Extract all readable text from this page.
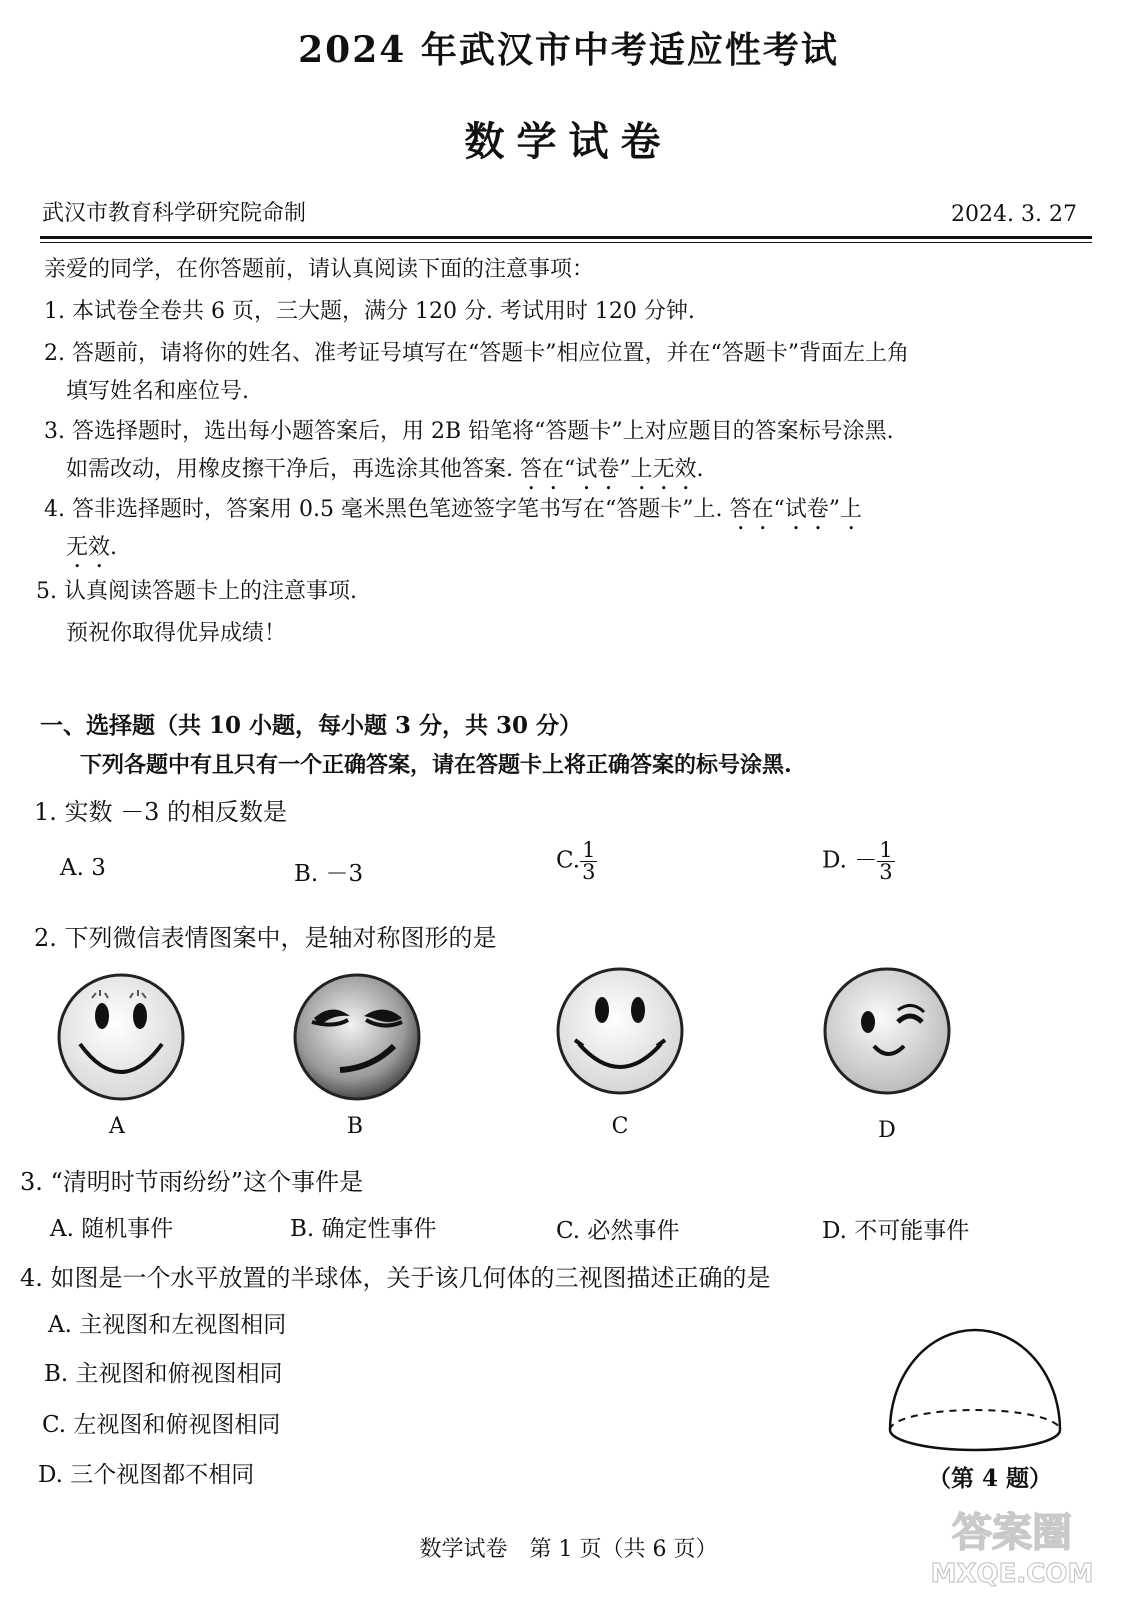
2024 年武汉市中考适应性考试
数学试卷
武汉市教育科学研究院命制	2024. 3. 27
亲爱的同学，在你答题前，请认真阅读下面的注意事项：
1. 本试卷全卷共 6 页，三大题，满分 120 分. 考试用时 120 分钟.
2. 答题前，请将你的姓名、准考证号填写在“答题卡”相应位置，并在“答题卡”背面左上角
填写姓名和座位号.
3. 答选择题时，选出每小题答案后，用 2B 铅笔将“答题卡”上对应题目的答案标号涂黑.
如需改动，用橡皮擦干净后，再选涂其他答案. 答在“试卷”上无效.
4. 答非选择题时，答案用 0.5 毫米黑色笔迹签字笔书写在“答题卡”上. 答在“试卷”上
无效.
5. 认真阅读答题卡上的注意事项.
预祝你取得优异成绩！
一、选择题（共 10 小题，每小题 3 分，共 30 分）
下列各题中有且只有一个正确答案，请在答题卡上将正确答案的标号涂黑.
1. 实数 －3 的相反数是
A. 3	B. －3
C. $\frac{1}{3}$	D. － $\frac{1}{3}$
2. 下列微信表情图案中，是轴对称图形的是
A	B	C	D
3. “清明时节雨纷纷”这个事件是
A. 随机事件	B. 确定性事件	C. 必然事件	D. 不可能事件
4. 如图是一个水平放置的半球体，关于该几何体的三视图描述正确的是
A. 主视图和左视图相同
B. 主视图和俯视图相同
C. 左视图和俯视图相同
D. 三个视图都不相同	（第 4 题）
数学试卷　第 1 页（共 6 页）	答案圈
MXQE.COM
